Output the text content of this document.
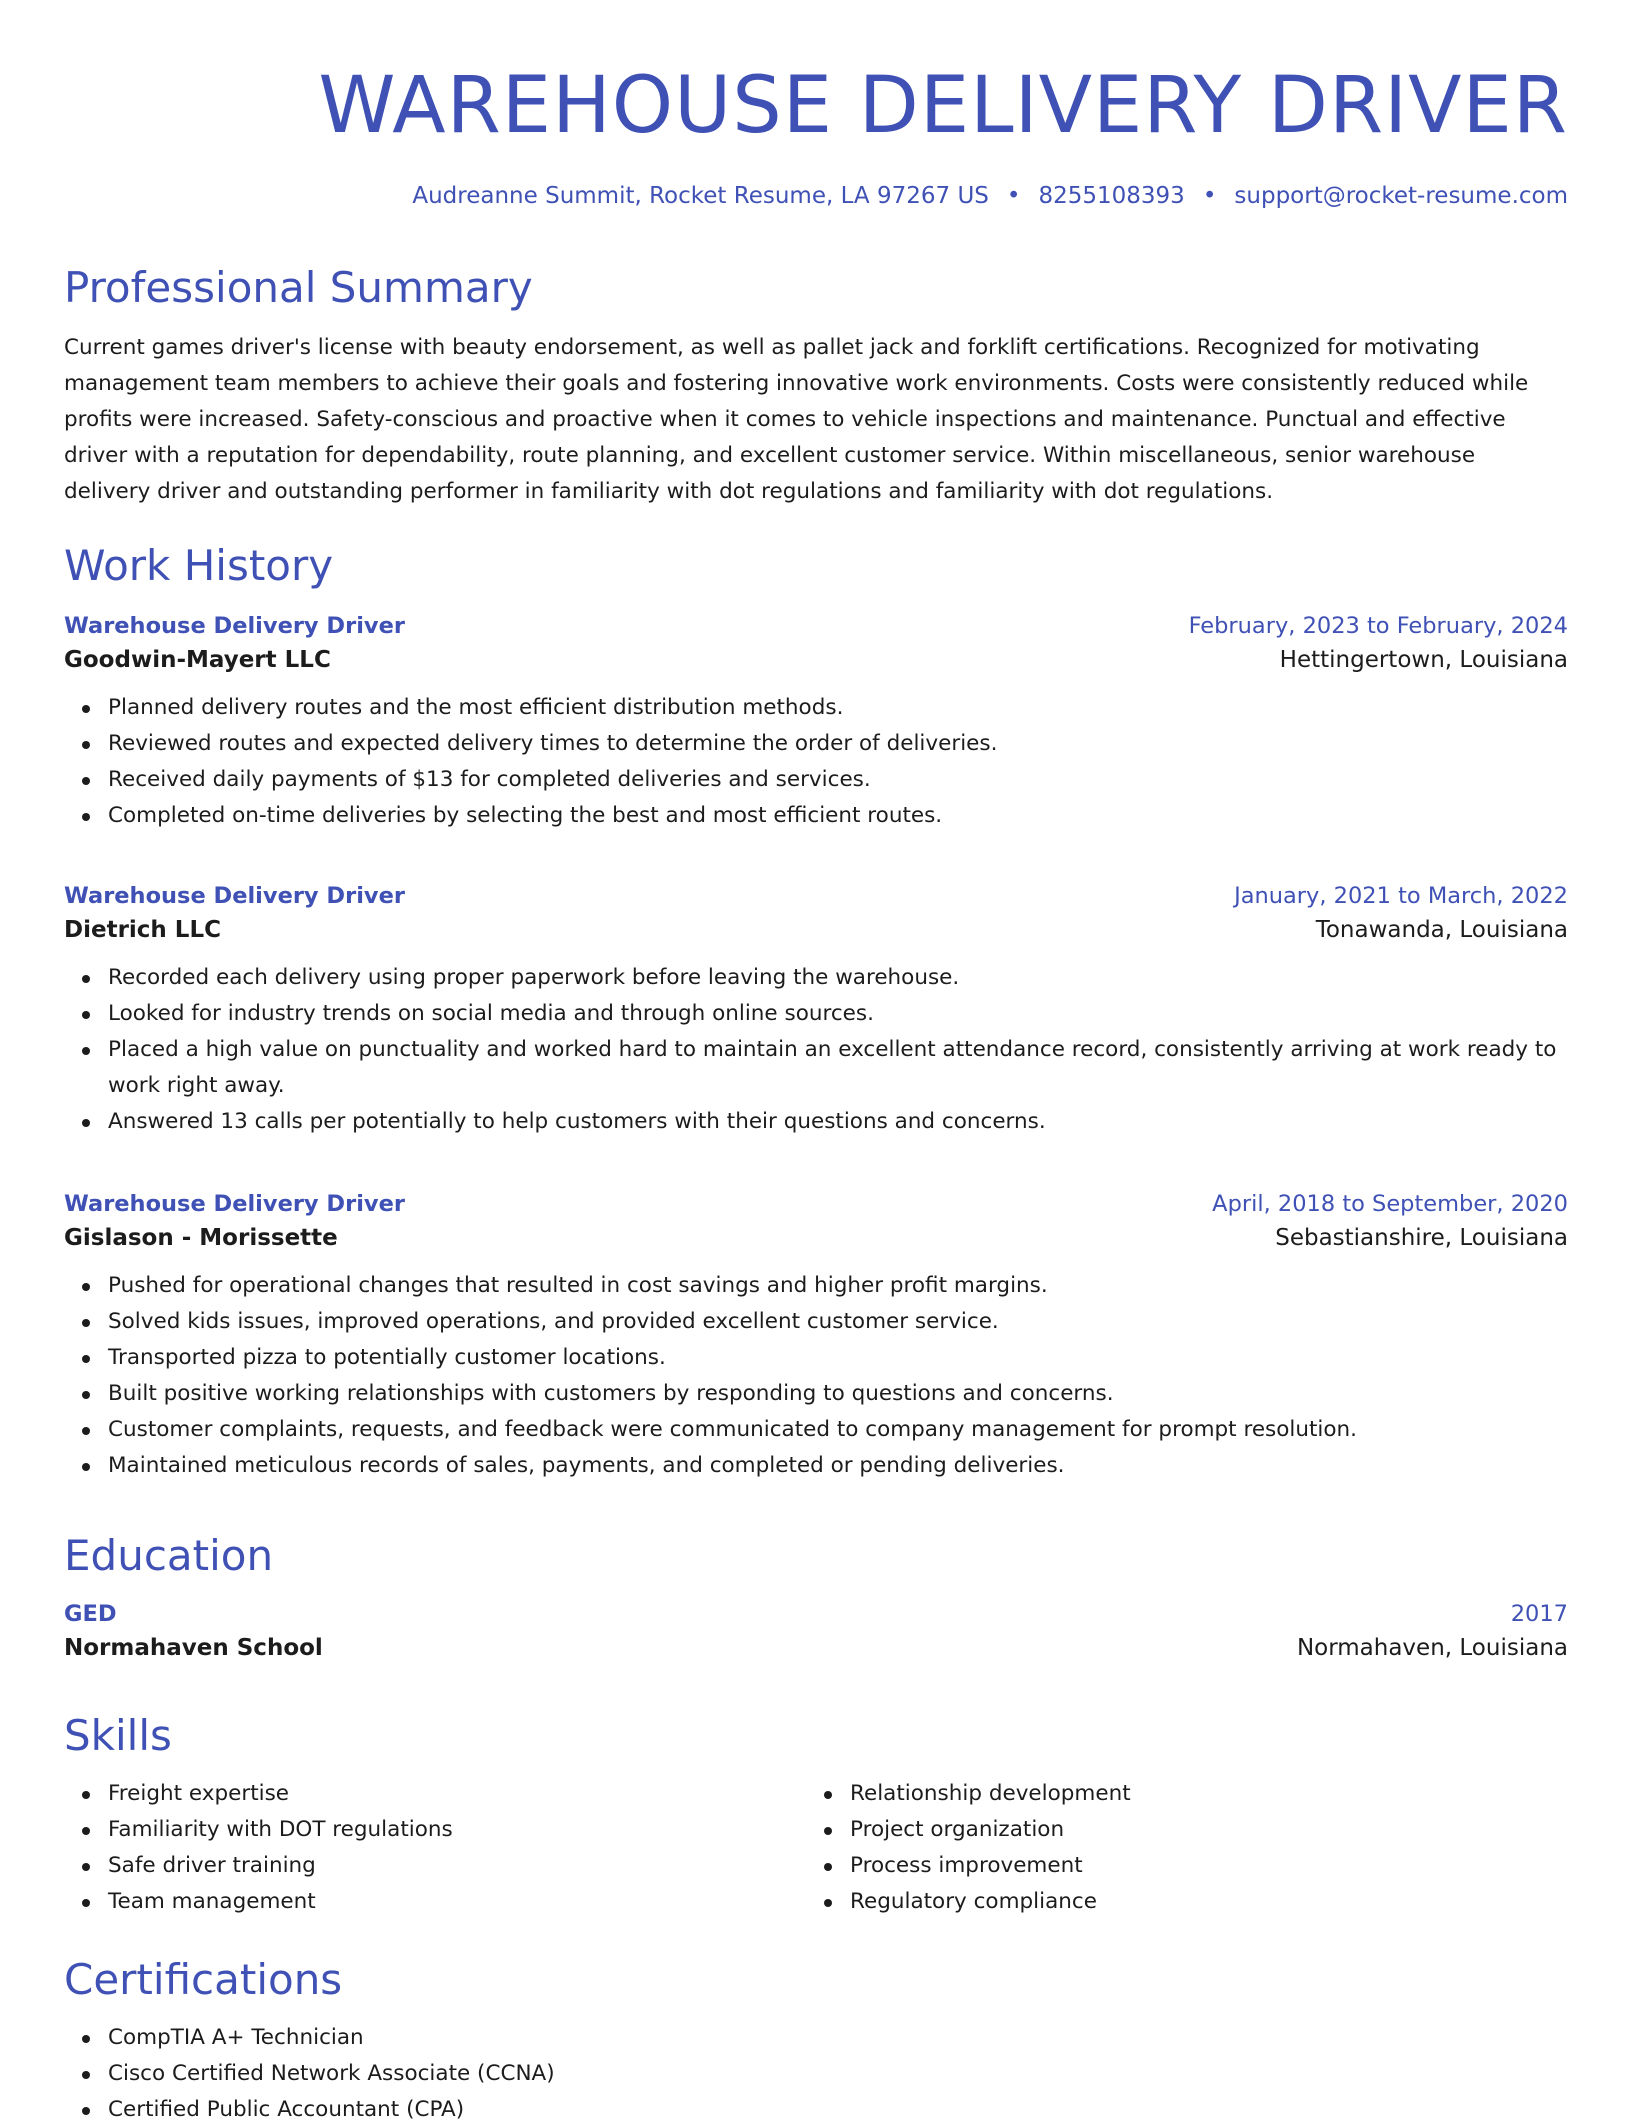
WAREHOUSE DELIVERY DRIVER
Audreanne Summit, Rocket Resume, LA 97267 US • 8255108393 • support@rocket-resume.com
Professional Summary
Current games driver's license with beauty endorsement, as well as pallet jack and forklift certifications. Recognized for motivating management team members to achieve their goals and fostering innovative work environments. Costs were consistently reduced while profits were increased. Safety-conscious and proactive when it comes to vehicle inspections and maintenance. Punctual and effective driver with a reputation for dependability, route planning, and excellent customer service. Within miscellaneous, senior warehouse delivery driver and outstanding performer in familiarity with dot regulations and familiarity with dot regulations.
Work History
Warehouse Delivery Driver	February, 2023 to February, 2024
Goodwin-Mayert LLC	Hettingertown, Louisiana
Planned delivery routes and the most efficient distribution methods.
Reviewed routes and expected delivery times to determine the order of deliveries.
Received daily payments of $13 for completed deliveries and services.
Completed on-time deliveries by selecting the best and most efficient routes.
Warehouse Delivery Driver	January, 2021 to March, 2022
Dietrich LLC	Tonawanda, Louisiana
Recorded each delivery using proper paperwork before leaving the warehouse.
Looked for industry trends on social media and through online sources.
Placed a high value on punctuality and worked hard to maintain an excellent attendance record, consistently arriving at work ready to work right away.
Answered 13 calls per potentially to help customers with their questions and concerns.
Warehouse Delivery Driver	April, 2018 to September, 2020
Gislason - Morissette	Sebastianshire, Louisiana
Pushed for operational changes that resulted in cost savings and higher profit margins.
Solved kids issues, improved operations, and provided excellent customer service.
Transported pizza to potentially customer locations.
Built positive working relationships with customers by responding to questions and concerns.
Customer complaints, requests, and feedback were communicated to company management for prompt resolution.
Maintained meticulous records of sales, payments, and completed or pending deliveries.
Education
GED	2017
Normahaven School	Normahaven, Louisiana
Skills
Freight expertise
Familiarity with DOT regulations
Safe driver training
Team management
Relationship development
Project organization
Process improvement
Regulatory compliance
Certifications
CompTIA A+ Technician
Cisco Certified Network Associate (CCNA)
Certified Public Accountant (CPA)
